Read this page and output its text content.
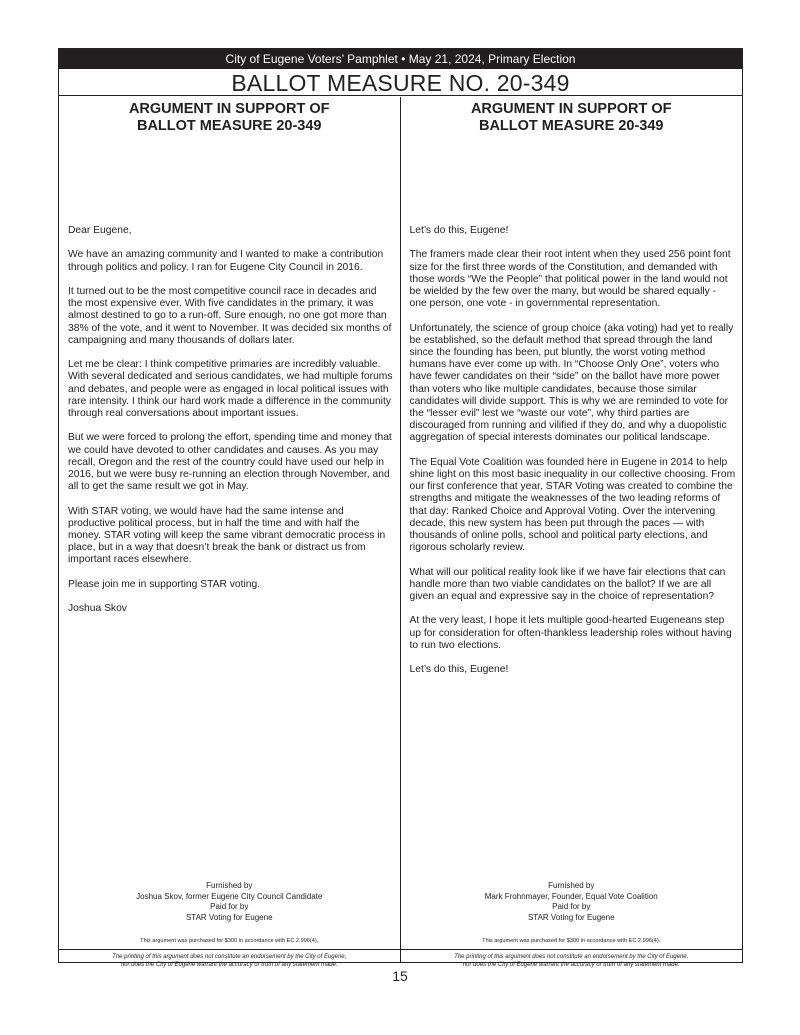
City of Eugene Voters’ Pamphlet • May 21, 2024, Primary Election
BALLOT MEASURE NO. 20-349
ARGUMENT IN SUPPORT OF
BALLOT MEASURE 20-349

Dear Eugene,

We have an amazing community and I wanted to make a contribution through politics and policy. I ran for Eugene City Council in 2016.

It turned out to be the most competitive council race in decades and the most expensive ever. With five candidates in the primary, it was almost destined to go to a run-off. Sure enough, no one got more than 38% of the vote, and it went to November. It was decided six months of campaigning and many thousands of dollars later.

Let me be clear: I think competitive primaries are incredibly valuable. With several dedicated and serious candidates, we had multiple forums and debates, and people were as engaged in local political issues with rare intensity. I think our hard work made a difference in the community through real conversations about important issues.

But we were forced to prolong the effort, spending time and money that we could have devoted to other candidates and causes. As you may recall, Oregon and the rest of the country could have used our help in 2016, but we were busy re-running an election through November, and all to get the same result we got in May.

With STAR voting, we would have had the same intense and productive political process, but in half the time and with half the money. STAR voting will keep the same vibrant democratic process in place, but in a way that doesn’t break the bank or distract us from important races elsewhere.

Please join me in supporting STAR voting.

Joshua Skov

Furnished by
Joshua Skov, former Eugene City Council Candidate
Paid for by
STAR Voting for Eugene
This argument was purchased for $300 in accordance with EC 2.996(4).
The printing of this argument does not constitute an endorsement by the City of Eugene,
nor does the City of Eugene warrant the accuracy or truth of any statement made.
ARGUMENT IN SUPPORT OF
BALLOT MEASURE 20-349

Let’s do this, Eugene!

The framers made clear their root intent when they used 256 point font size for the first three words of the Constitution, and demanded with those words “We the People” that political power in the land would not be wielded by the few over the many, but would be shared equally - one person, one vote - in governmental representation.

Unfortunately, the science of group choice (aka voting) had yet to really be established, so the default method that spread through the land since the founding has been, put bluntly, the worst voting method humans have ever come up with. In “Choose Only One”, voters who have fewer candidates on their “side” on the ballot have more power than voters who like multiple candidates, because those similar candidates will divide support. This is why we are reminded to vote for the “lesser evil” lest we “waste our vote”, why third parties are discouraged from running and vilified if they do, and why a duopolistic aggregation of special interests dominates our political landscape.

The Equal Vote Coalition was founded here in Eugene in 2014 to help shine light on this most basic inequality in our collective choosing. From our first conference that year, STAR Voting was created to combine the strengths and mitigate the weaknesses of the two leading reforms of that day: Ranked Choice and Approval Voting. Over the intervening decade, this new system has been put through the paces — with thousands of online polls, school and political party elections, and rigorous scholarly review.

What will our political reality look like if we have fair elections that can handle more than two viable candidates on the ballot? If we are all given an equal and expressive say in the choice of representation?

At the very least, I hope it lets multiple good-hearted Eugeneans step up for consideration for often-thankless leadership roles without having to run two elections.

Let’s do this, Eugene!

Furnished by
Mark Frohnmayer, Founder, Equal Vote Coalition
Paid for by
STAR Voting for Eugene
This argument was purchased for $300 in accordance with EC 2.996(4).
The printing of this argument does not constitute an endorsement by the City of Eugene,
nor does the City of Eugene warrant the accuracy or truth of any statement made.
15
